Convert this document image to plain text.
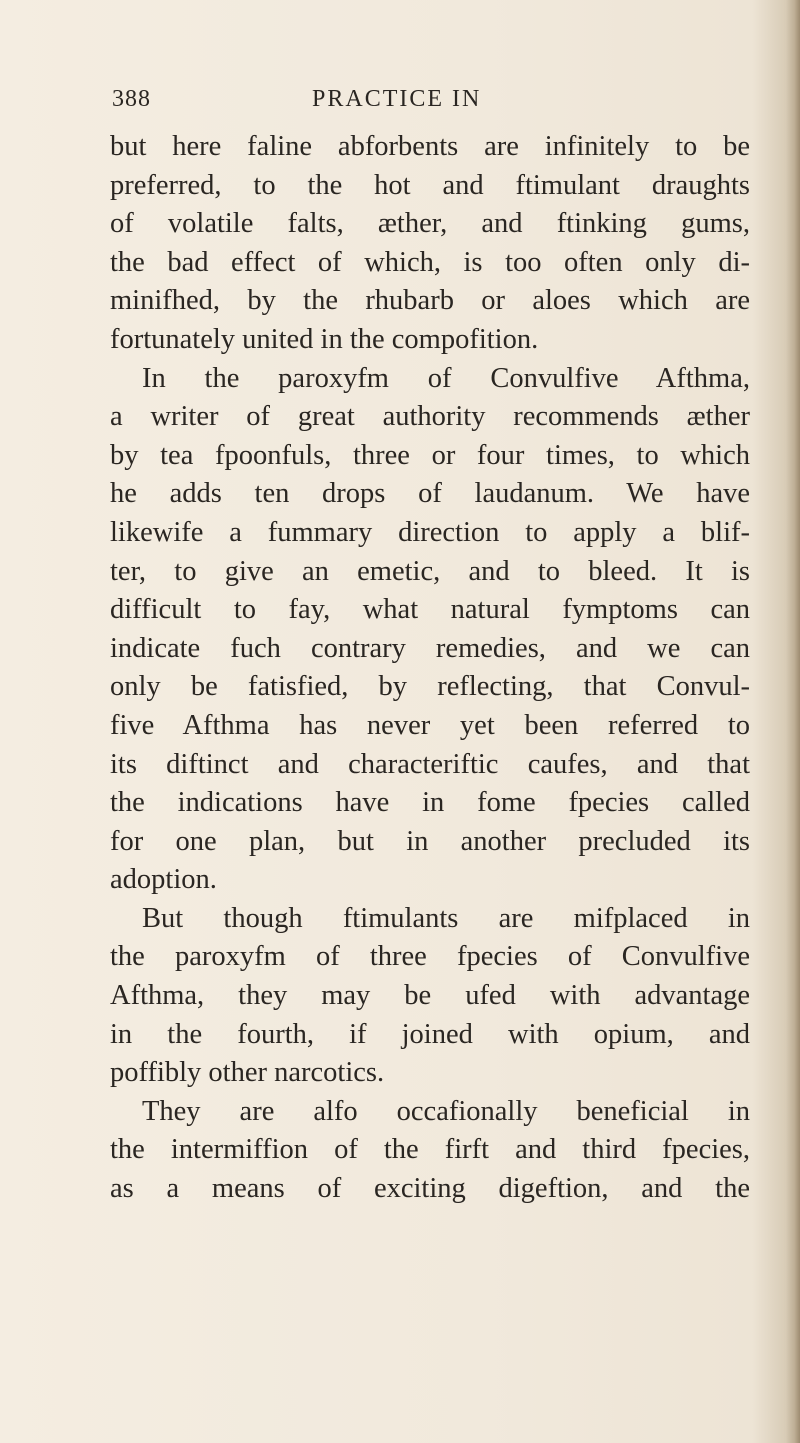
388	PRACTICE IN
but here faline abforbents are infinitely to be
preferred, to the hot and ftimulant draughts
of volatile falts, æther, and ftinking gums,
the bad effect of which, is too often only di-
minifhed, by the rhubarb or aloes which are
fortunately united in the compofition.
In the paroxyfm of Convulfive Afthma,
a writer of great authority recommends æther
by tea fpoonfuls, three or four times, to which
he adds ten drops of laudanum. We have
likewife a fummary direction to apply a blif-
ter, to give an emetic, and to bleed. It is
difficult to fay, what natural fymptoms can
indicate fuch contrary remedies, and we can
only be fatisfied, by reflecting, that Convul-
five Afthma has never yet been referred to
its diftinct and characteriftic caufes, and that
the indications have in fome fpecies called
for one plan, but in another precluded its
adoption.
But though ftimulants are mifplaced in
the paroxyfm of three fpecies of Convulfive
Afthma, they may be ufed with advantage
in the fourth, if joined with opium, and
poffibly other narcotics.
They are alfo occafionally beneficial in
the intermiffion of the firft and third fpecies,
as a means of exciting digeftion, and the
